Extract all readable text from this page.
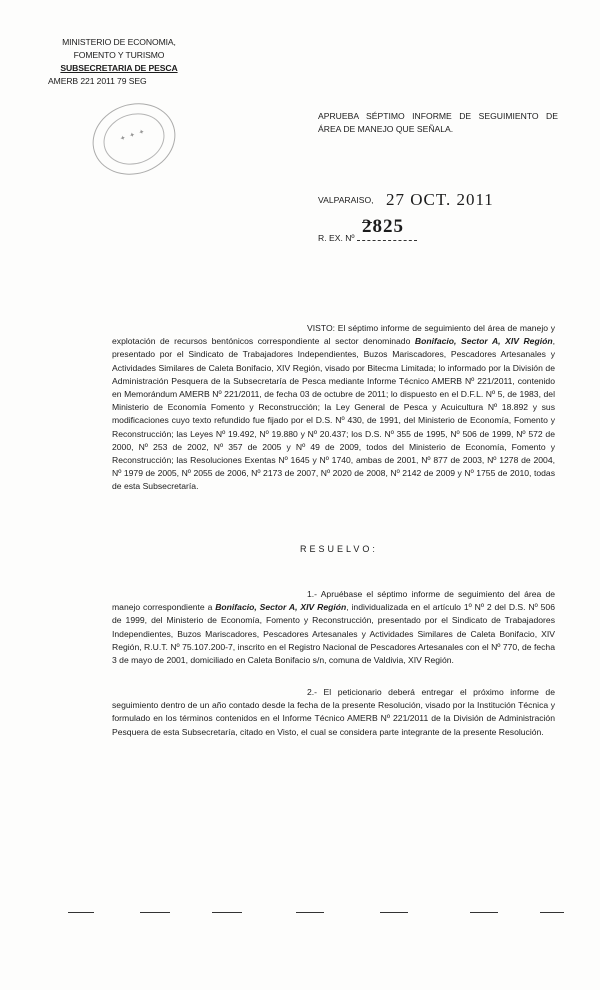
MINISTERIO DE ECONOMIA,
FOMENTO Y TURISMO
SUBSECRETARIA DE PESCA
AMERB 221 2011 79 SEG
✦ ✦ ✦
APRUEBA SÉPTIMO INFORME DE SEGUIMIENTO DE ÁREA DE MANEJO QUE SEÑALA.
VALPARAISO, 27 OCT. 2011
R. EX. Nº
2825

VISTO: El séptimo informe de seguimiento del área de manejo y explotación de recursos bentónicos correspondiente al sector denominado Bonifacio, Sector A, XIV Región, presentado por el Sindicato de Trabajadores Independientes, Buzos Mariscadores, Pescadores Artesanales y Actividades Similares de Caleta Bonifacio, XIV Región, visado por Bitecma Limitada; lo informado por la División de Administración Pesquera de la Subsecretaría de Pesca mediante Informe Técnico AMERB Nº 221/2011, contenido en Memorándum AMERB Nº 221/2011, de fecha 03 de octubre de 2011; lo dispuesto en el D.F.L. Nº 5, de 1983, del Ministerio de Economía Fomento y Reconstrucción; la Ley General de Pesca y Acuicultura Nº 18.892 y sus modificaciones cuyo texto refundido fue fijado por el D.S. Nº 430, de 1991, del Ministerio de Economía, Fomento y Reconstrucción; las Leyes Nº 19.492, Nº 19.880 y Nº 20.437; los D.S. Nº 355 de 1995, Nº 506 de 1999, Nº 572 de 2000, Nº 253 de 2002, Nº 357 de 2005 y Nº 49 de 2009, todos del Ministerio de Economía, Fomento y Reconstrucción; las Resoluciones Exentas Nº 1645 y Nº 1740, ambas de 2001, Nº 877 de 2003, Nº 1278 de 2004, Nº 1979 de 2005, Nº 2055 de 2006, Nº 2173 de 2007, Nº 2020 de 2008, Nº 2142 de 2009 y Nº 1755 de 2010, todas de esta Subsecretaría.

RESUELVO:

1.- Apruébase el séptimo informe de seguimiento del área de manejo correspondiente a Bonifacio, Sector A, XIV Región, individualizada en el artículo 1º Nº 2 del D.S. Nº 506 de 1999, del Ministerio de Economía, Fomento y Reconstrucción, presentado por el Sindicato de Trabajadores Independientes, Buzos Mariscadores, Pescadores Artesanales y Actividades Similares de Caleta Bonifacio, XIV Región, R.U.T. Nº 75.107.200-7, inscrito en el Registro Nacional de Pescadores Artesanales con el Nº 770, de fecha 3 de mayo de 2001, domiciliado en Caleta Bonifacio s/n, comuna de Valdivia, XIV Región.

2.- El peticionario deberá entregar el próximo informe de seguimiento dentro de un año contado desde la fecha de la presente Resolución, visado por la Institución Técnica y formulado en los términos contenidos en el Informe Técnico AMERB Nº 221/2011 de la División de Administración Pesquera de esta Subsecretaría, citado en Visto, el cual se considera parte integrante de la presente Resolución.
